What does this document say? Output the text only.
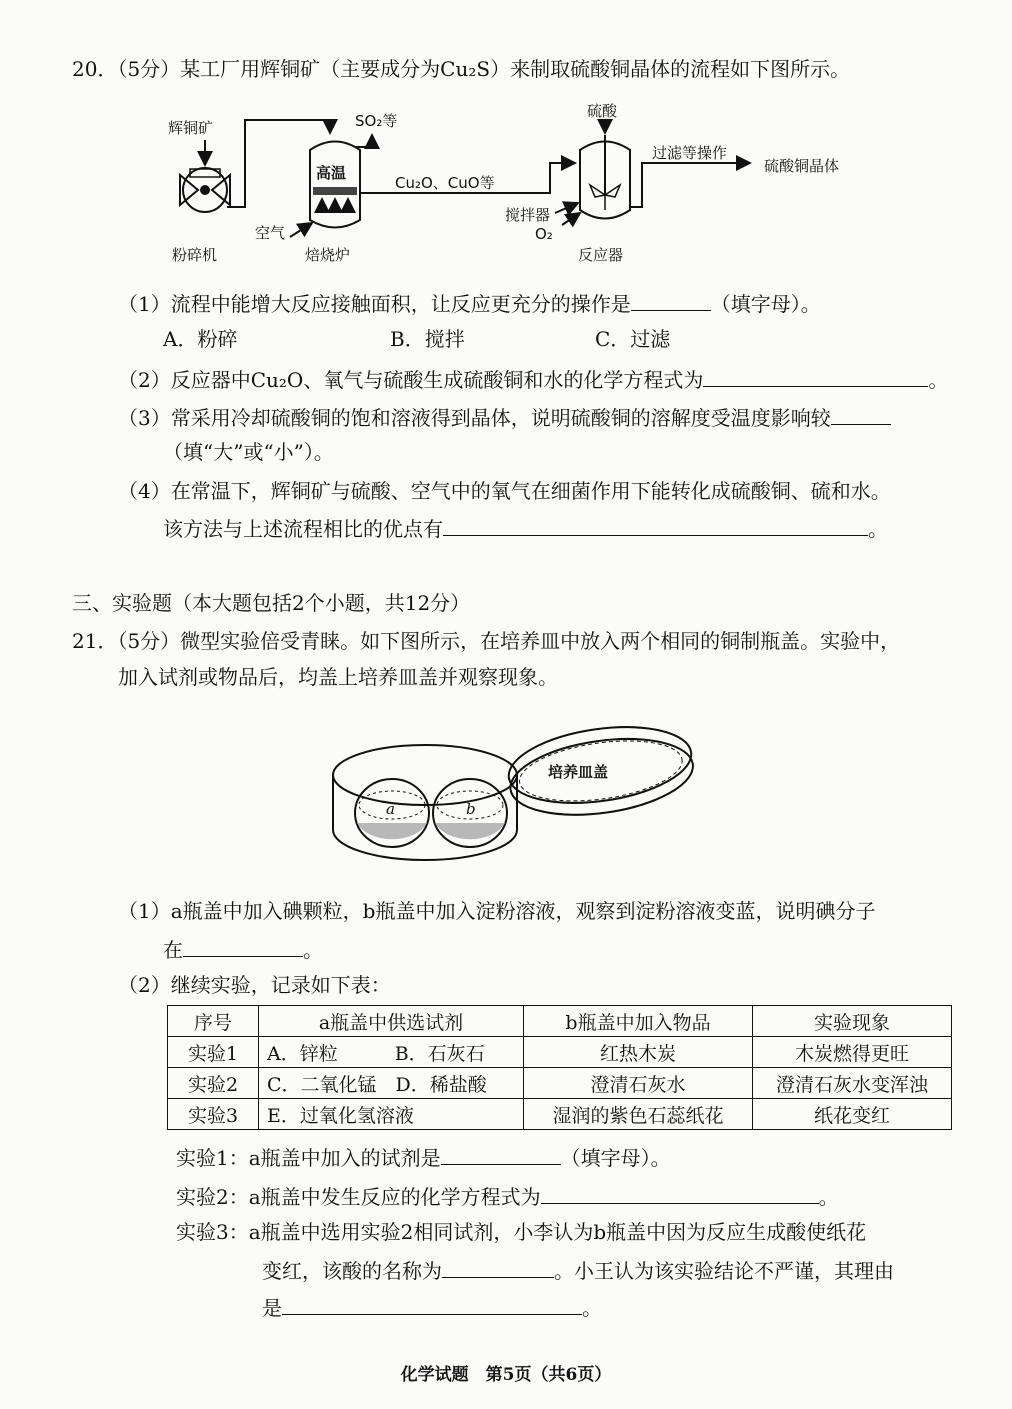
20．（5分）某工厂用辉铜矿（主要成分为Cu₂S）来制取硫酸铜晶体的流程如下图所示。
辉铜矿
粉碎机
空气
SO₂等
高温
焙烧炉
Cu₂O、CuO等
硫酸
过滤等操作
硫酸铜晶体
搅拌器
O₂
反应器
（1）流程中能增大反应接触面积，让反应更充分的操作是	（填字母）。
A．粉碎	B．搅拌	C．过滤
（2）反应器中Cu₂O、氧气与硫酸生成硫酸铜和水的化学方程式为	。
（3）常采用冷却硫酸铜的饱和溶液得到晶体，说明硫酸铜的溶解度受温度影响较
（填“大”或“小”）。
（4）在常温下，辉铜矿与硫酸、空气中的氧气在细菌作用下能转化成硫酸铜、硫和水。
该方法与上述流程相比的优点有	。
三、实验题（本大题包括2个小题，共12分）
21．（5分）微型实验倍受青睐。如下图所示，在培养皿中放入两个相同的铜制瓶盖。实验中，
加入试剂或物品后，均盖上培养皿盖并观察现象。
培养皿盖
a	b
（1）a瓶盖中加入碘颗粒，b瓶盖中加入淀粉溶液，观察到淀粉溶液变蓝，说明碘分子
在	。
（2）继续实验，记录如下表：
序号	a瓶盖中供选试剂	b瓶盖中加入物品	实验现象
实验1	A．锌粒　　　B．石灰石	红热木炭	木炭燃得更旺
实验2	C．二氧化锰　D．稀盐酸	澄清石灰水	澄清石灰水变浑浊
实验3	E．过氧化氢溶液	湿润的紫色石蕊纸花	纸花变红
实验1：a瓶盖中加入的试剂是	（填字母）。
实验2：a瓶盖中发生反应的化学方程式为	。
实验3：a瓶盖中选用实验2相同试剂，小李认为b瓶盖中因为反应生成酸使纸花
变红，该酸的名称为	。小王认为该实验结论不严谨，其理由
是	。
化学试题　第5页（共6页）
